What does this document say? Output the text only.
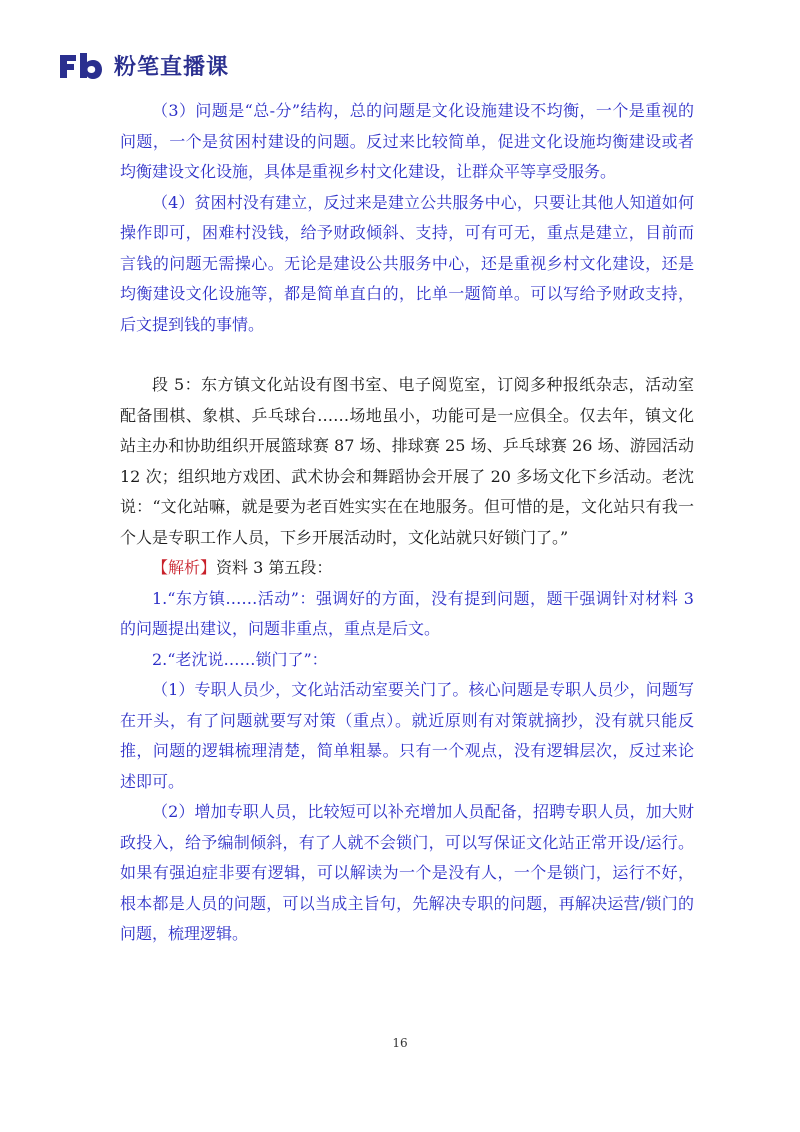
粉笔直播课

（3）问题是“总-分”结构，总的问题是文化设施建设不均衡，一个是重视的问题，一个是贫困村建设的问题。反过来比较简单，促进文化设施均衡建设或者均衡建设文化设施，具体是重视乡村文化建设，让群众平等享受服务。

（4）贫困村没有建立，反过来是建立公共服务中心，只要让其他人知道如何操作即可，困难村没钱，给予财政倾斜、支持，可有可无，重点是建立，目前而言钱的问题无需操心。无论是建设公共服务中心，还是重视乡村文化建设，还是均衡建设文化设施等，都是简单直白的，比单一题简单。可以写给予财政支持，后文提到钱的事情。

段 5：东方镇文化站设有图书室、电子阅览室，订阅多种报纸杂志，活动室配备围棋、象棋、乒乓球台……场地虽小，功能可是一应俱全。仅去年，镇文化站主办和协助组织开展篮球赛 87 场、排球赛 25 场、乒乓球赛 26 场、游园活动 12 次；组织地方戏团、武术协会和舞蹈协会开展了 20 多场文化下乡活动。老沈说：“文化站嘛，就是要为老百姓实实在在地服务。但可惜的是，文化站只有我一个人是专职工作人员，下乡开展活动时，文化站就只好锁门了。”

【解析】资料 3 第五段：

1.“东方镇……活动”：强调好的方面，没有提到问题，题干强调针对材料 3 的问题提出建议，问题非重点，重点是后文。

2.“老沈说……锁门了”：

（1）专职人员少，文化站活动室要关门了。核心问题是专职人员少，问题写在开头，有了问题就要写对策（重点）。就近原则有对策就摘抄，没有就只能反推，问题的逻辑梳理清楚，简单粗暴。只有一个观点，没有逻辑层次，反过来论述即可。

（2）增加专职人员，比较短可以补充增加人员配备，招聘专职人员，加大财政投入，给予编制倾斜，有了人就不会锁门，可以写保证文化站正常开设/运行。如果有强迫症非要有逻辑，可以解读为一个是没有人，一个是锁门，运行不好，根本都是人员的问题，可以当成主旨句，先解决专职的问题，再解决运营/锁门的问题，梳理逻辑。

16
